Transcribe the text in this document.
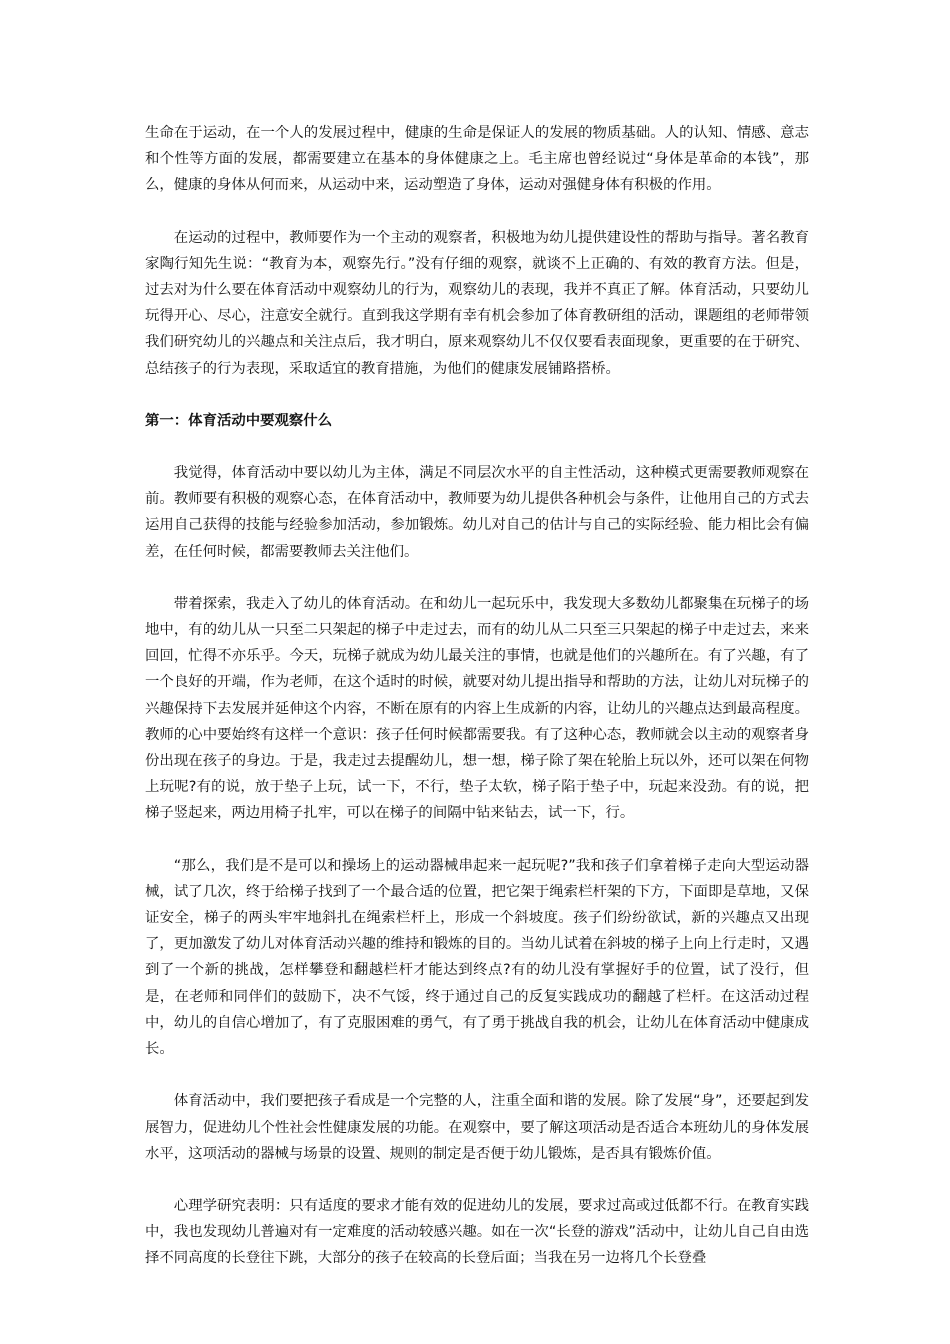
生命在于运动，在一个人的发展过程中，健康的生命是保证人的发展的物质基础。人的认知、情感、意志和个性等方面的发展，都需要建立在基本的身体健康之上。毛主席也曾经说过“身体是革命的本钱”，那么，健康的身体从何而来，从运动中来，运动塑造了身体，运动对强健身体有积极的作用。

在运动的过程中，教师要作为一个主动的观察者，积极地为幼儿提供建设性的帮助与指导。著名教育家陶行知先生说：“教育为本，观察先行。”没有仔细的观察，就谈不上正确的、有效的教育方法。但是，过去对为什么要在体育活动中观察幼儿的行为，观察幼儿的表现，我并不真正了解。体育活动，只要幼儿玩得开心、尽心，注意安全就行。直到我这学期有幸有机会参加了体育教研组的活动，课题组的老师带领我们研究幼儿的兴趣点和关注点后，我才明白，原来观察幼儿不仅仅要看表面现象，更重要的在于研究、总结孩子的行为表现，采取适宜的教育措施，为他们的健康发展铺路搭桥。

第一：体育活动中要观察什么

我觉得，体育活动中要以幼儿为主体，满足不同层次水平的自主性活动，这种模式更需要教师观察在前。教师要有积极的观察心态，在体育活动中，教师要为幼儿提供各种机会与条件，让他用自己的方式去运用自己获得的技能与经验参加活动，参加锻炼。幼儿对自己的估计与自己的实际经验、能力相比会有偏差，在任何时候，都需要教师去关注他们。

带着探索，我走入了幼儿的体育活动。在和幼儿一起玩乐中，我发现大多数幼儿都聚集在玩梯子的场地中，有的幼儿从一只至二只架起的梯子中走过去，而有的幼儿从二只至三只架起的梯子中走过去，来来回回，忙得不亦乐乎。今天，玩梯子就成为幼儿最关注的事情，也就是他们的兴趣所在。有了兴趣，有了一个良好的开端，作为老师，在这个适时的时候，就要对幼儿提出指导和帮助的方法，让幼儿对玩梯子的兴趣保持下去发展并延伸这个内容，不断在原有的内容上生成新的内容，让幼儿的兴趣点达到最高程度。教师的心中要始终有这样一个意识：孩子任何时候都需要我。有了这种心态，教师就会以主动的观察者身份出现在孩子的身边。于是，我走过去提醒幼儿，想一想，梯子除了架在轮胎上玩以外，还可以架在何物上玩呢?有的说，放于垫子上玩，试一下，不行，垫子太软，梯子陷于垫子中，玩起来没劲。有的说，把梯子竖起来，两边用椅子扎牢，可以在梯子的间隔中钻来钻去，试一下，行。

“那么，我们是不是可以和操场上的运动器械串起来一起玩呢?”我和孩子们拿着梯子走向大型运动器械，试了几次，终于给梯子找到了一个最合适的位置，把它架于绳索栏杆架的下方，下面即是草地，又保证安全，梯子的两头牢牢地斜扎在绳索栏杆上，形成一个斜坡度。孩子们纷纷欲试，新的兴趣点又出现了，更加激发了幼儿对体育活动兴趣的维持和锻炼的目的。当幼儿试着在斜坡的梯子上向上行走时，又遇到了一个新的挑战，怎样攀登和翻越栏杆才能达到终点?有的幼儿没有掌握好手的位置，试了没行，但是，在老师和同伴们的鼓励下，决不气馁，终于通过自己的反复实践成功的翻越了栏杆。在这活动过程中，幼儿的自信心增加了，有了克服困难的勇气，有了勇于挑战自我的机会，让幼儿在体育活动中健康成长。

体育活动中，我们要把孩子看成是一个完整的人，注重全面和谐的发展。除了发展“身”，还要起到发展智力，促进幼儿个性社会性健康发展的功能。在观察中，要了解这项活动是否适合本班幼儿的身体发展水平，这项活动的器械与场景的设置、规则的制定是否便于幼儿锻炼，是否具有锻炼价值。

心理学研究表明：只有适度的要求才能有效的促进幼儿的发展，要求过高或过低都不行。在教育实践中，我也发现幼儿普遍对有一定难度的活动较感兴趣。如在一次“长登的游戏”活动中，让幼儿自己自由选择不同高度的长登往下跳，大部分的孩子在较高的长登后面；当我在另一边将几个长登叠
